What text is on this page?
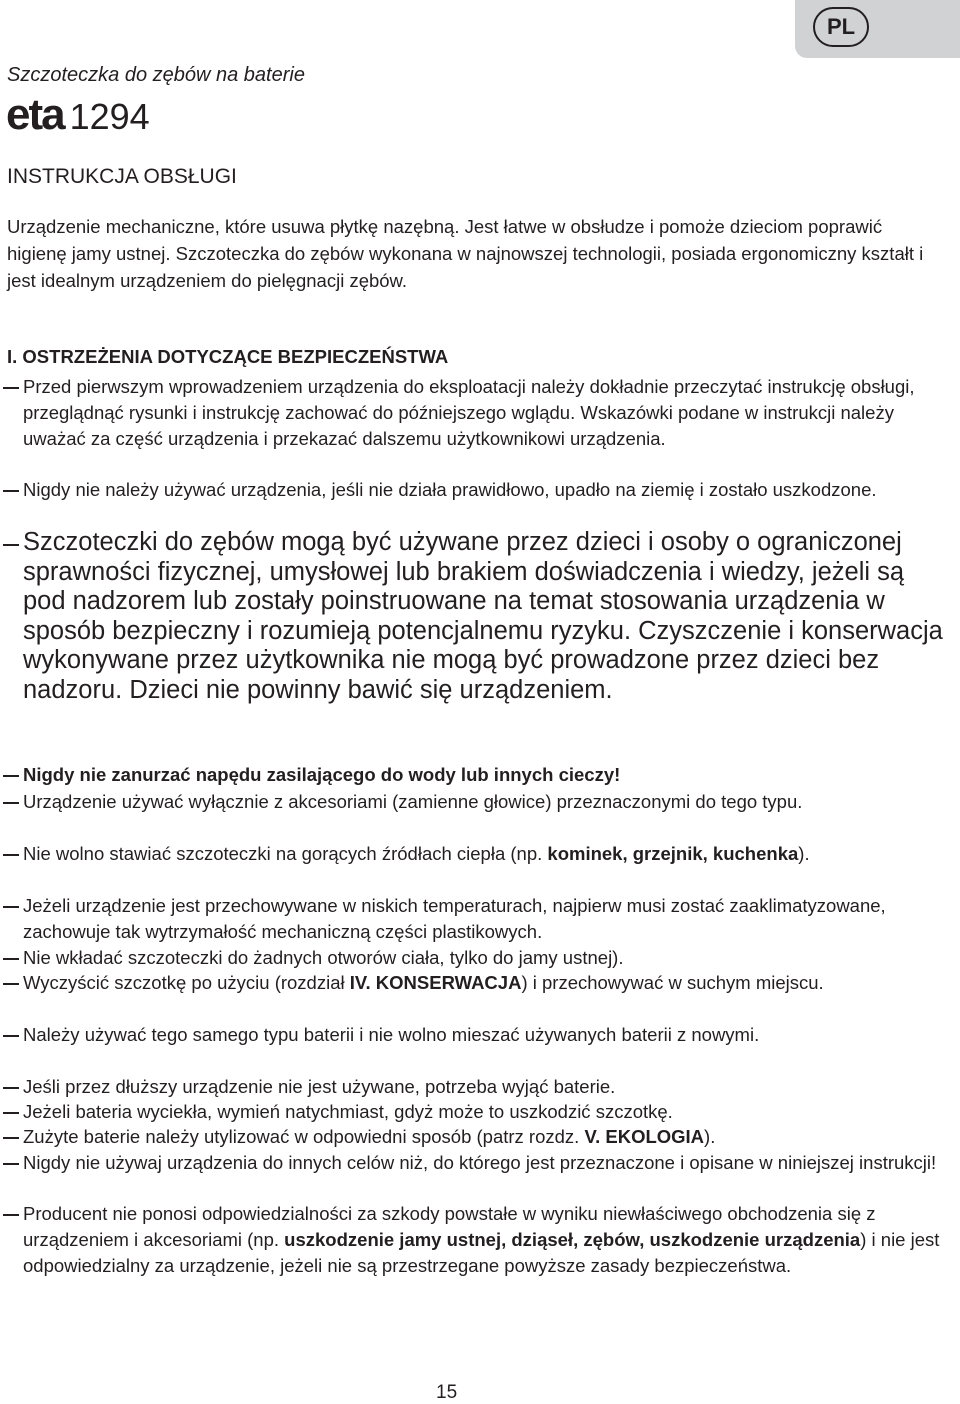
PL
Szczoteczka do zębów na baterie
eta 1294
INSTRUKCJA OBSŁUGI

Urządzenie mechaniczne, które usuwa płytkę nazębną. Jest łatwe w obsłudze i pomoże dzieciom poprawić higienę jamy ustnej. Szczoteczka do zębów wykonana w najnowszej technologii, posiada ergonomiczny kształt i jest idealnym urządzeniem do pielęgnacji zębów.

I. OSTRZEŻENIA DOTYCZĄCE BEZPIECZEŃSTWA
Przed pierwszym wprowadzeniem urządzenia do eksploatacji należy dokładnie przeczytać instrukcję obsługi, przeglądnąć rysunki i instrukcję zachować do późniejszego wglądu. Wskazówki podane w instrukcji należy uważać za część urządzenia i przekazać dalszemu użytkownikowi urządzenia.
Nigdy nie należy używać urządzenia, jeśli nie działa prawidłowo, upadło na ziemię i zostało uszkodzone.
Szczoteczki do zębów mogą być używane przez dzieci i osoby o ograniczonej sprawności fizycznej, umysłowej lub brakiem doświadczenia i wiedzy, jeżeli są pod nadzorem lub zostały poinstruowane na temat stosowania urządzenia w sposób bezpieczny i rozumieją potencjalnemu ryzyku. Czyszczenie i konserwacja wykonywane przez użytkownika nie mogą być prowadzone przez dzieci bez nadzoru. Dzieci nie powinny bawić się urządzeniem.
Nigdy nie zanurzać napędu zasilającego do wody lub innych cieczy!
Urządzenie używać wyłącznie z akcesoriami (zamienne głowice) przeznaczonymi do tego typu.
Nie wolno stawiać szczoteczki na gorących źródłach ciepła (np. kominek, grzejnik, kuchenka).
Jeżeli urządzenie jest przechowywane w niskich temperaturach, najpierw musi zostać zaaklimatyzowane, zachowuje tak wytrzymałość mechaniczną części plastikowych.
Nie wkładać szczoteczki do żadnych otworów ciała, tylko do jamy ustnej).
Wyczyścić szczotkę po użyciu (rozdział IV. KONSERWACJA) i przechowywać w suchym miejscu.
Należy używać tego samego typu baterii i nie wolno mieszać używanych baterii z nowymi.
Jeśli przez dłuższy urządzenie nie jest używane, potrzeba wyjąć baterie.
Jeżeli bateria wyciekła, wymień natychmiast, gdyż może to uszkodzić szczotkę.
Zużyte baterie należy utylizować w odpowiedni sposób (patrz rozdz. V. EKOLOGIA).
Nigdy nie używaj urządzenia do innych celów niż, do którego jest przeznaczone i opisane w niniejszej instrukcji!
Producent nie ponosi odpowiedzialności za szkody powstałe w wyniku niewłaściwego obchodzenia się z urządzeniem i akcesoriami (np. uszkodzenie jamy ustnej, dziąseł, zębów, uszkodzenie urządzenia) i nie jest odpowiedzialny za urządzenie, jeżeli nie są przestrzegane powyższe zasady bezpieczeństwa.
15
